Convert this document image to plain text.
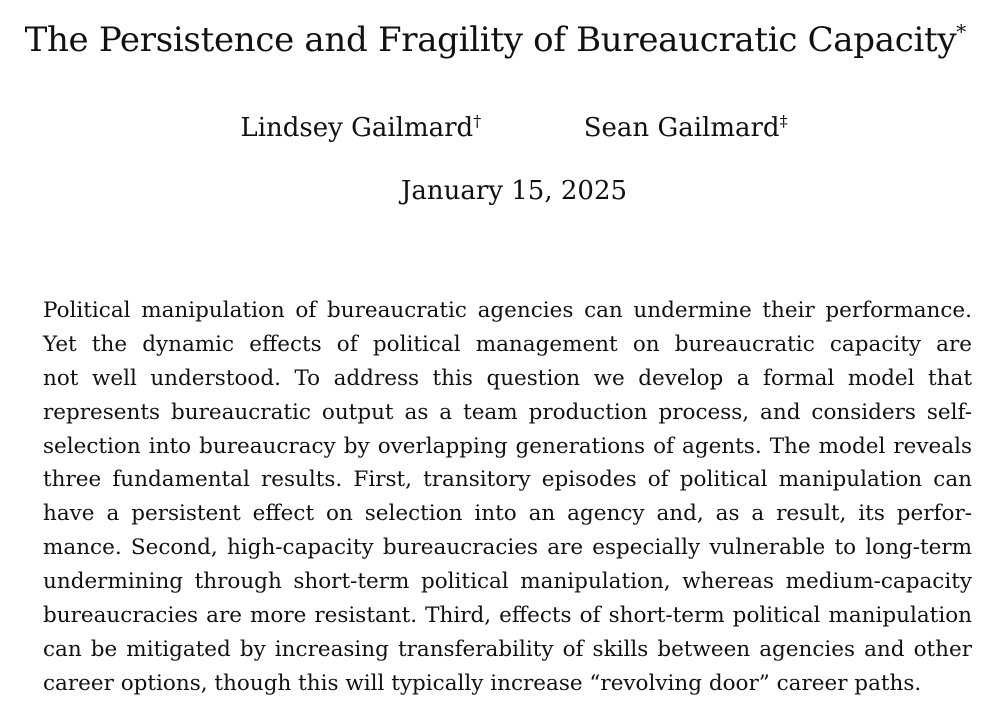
The Persistence and Fragility of Bureaucratic Capacity*
Lindsey Gailmard†	Sean Gailmard‡
January 15, 2025
Political manipulation of bureaucratic agencies can undermine their performance.
Yet the dynamic effects of political management on bureaucratic capacity are
not well understood. To address this question we develop a formal model that
represents bureaucratic output as a team production process, and considers self-
selection into bureaucracy by overlapping generations of agents. The model reveals
three fundamental results. First, transitory episodes of political manipulation can
have a persistent effect on selection into an agency and, as a result, its perfor-
mance. Second, high-capacity bureaucracies are especially vulnerable to long-term
undermining through short-term political manipulation, whereas medium-capacity
bureaucracies are more resistant. Third, effects of short-term political manipulation
can be mitigated by increasing transferability of skills between agencies and other
career options, though this will typically increase “revolving door” career paths.
